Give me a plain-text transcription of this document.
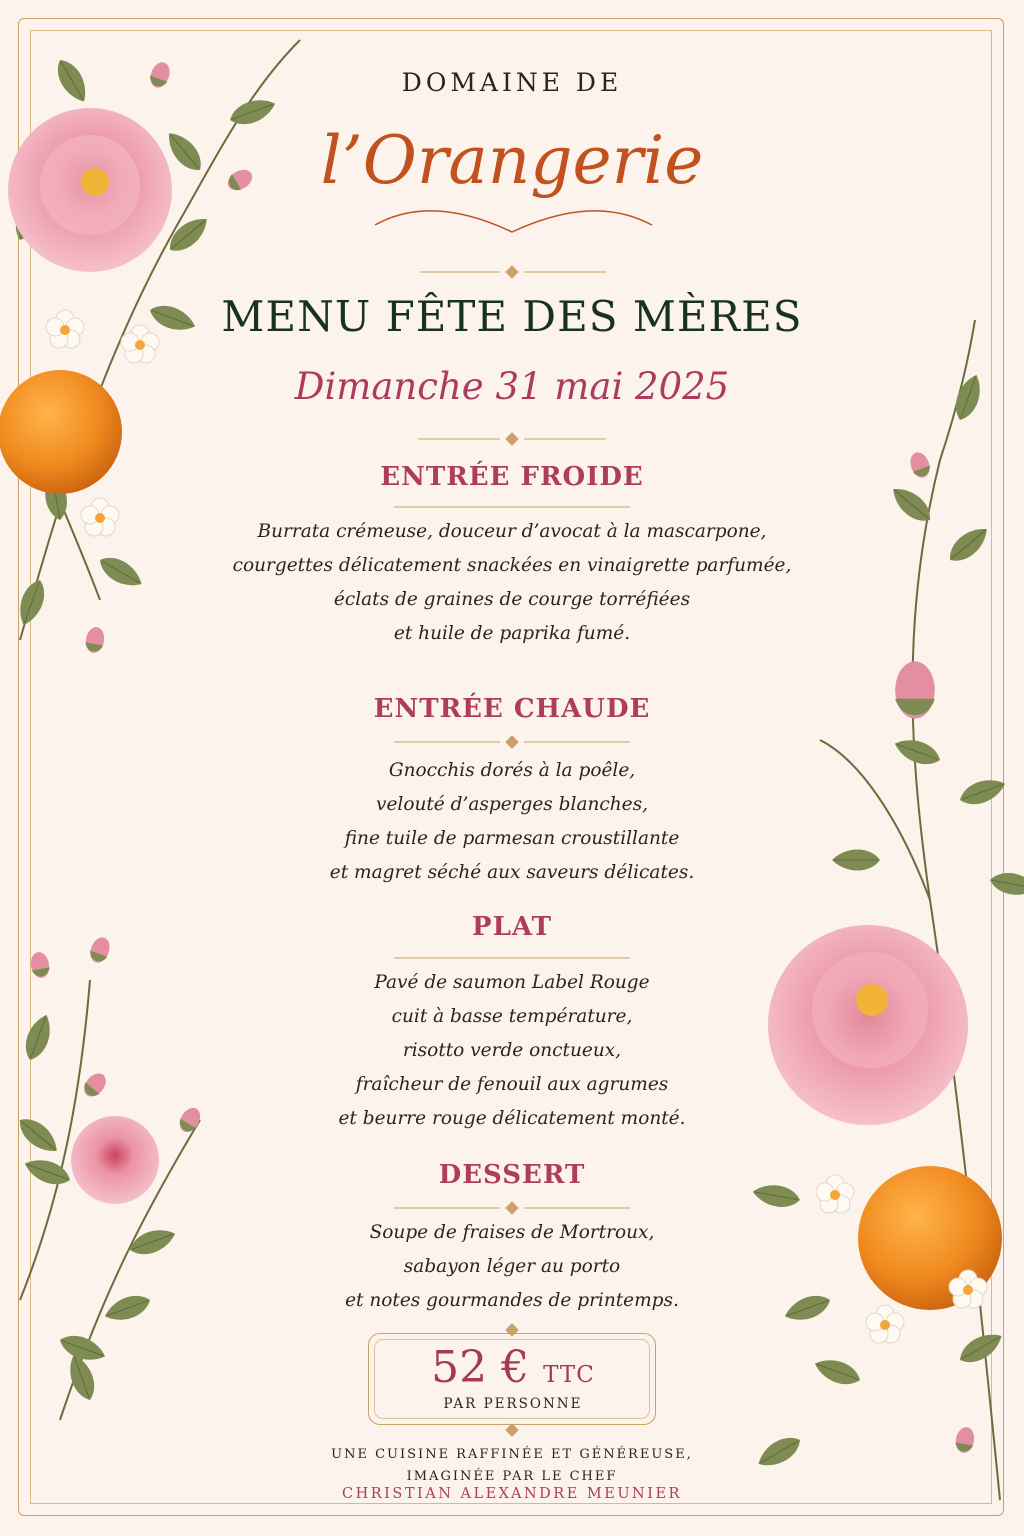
DOMAINE DE

l’Orangerie

MENU FÊTE DES MÈRES

Dimanche 31 mai 2025

ENTRÉE FROIDE
Burrata crémeuse, douceur d’avocat à la mascarpone,
courgettes délicatement snackées en vinaigrette parfumée,
éclats de graines de courge torréfiées
et huile de paprika fumé.
ENTRÉE CHAUDE
Gnocchis dorés à la poêle,
velouté d’asperges blanches,
fine tuile de parmesan croustillante
et magret séché aux saveurs délicates.
PLAT
Pavé de saumon Label Rouge
cuit à basse température,
risotto verde onctueux,
fraîcheur de fenouil aux agrumes
et beurre rouge délicatement monté.
DESSERT
Soupe de fraises de Mortroux,
sabayon léger au porto
et notes gourmandes de printemps.
52 € TTC
PAR PERSONNE
UNE CUISINE RAFFINÉE ET GÉNÉREUSE,
IMAGINÉE PAR LE CHEF
CHRISTIAN ALEXANDRE MEUNIER
